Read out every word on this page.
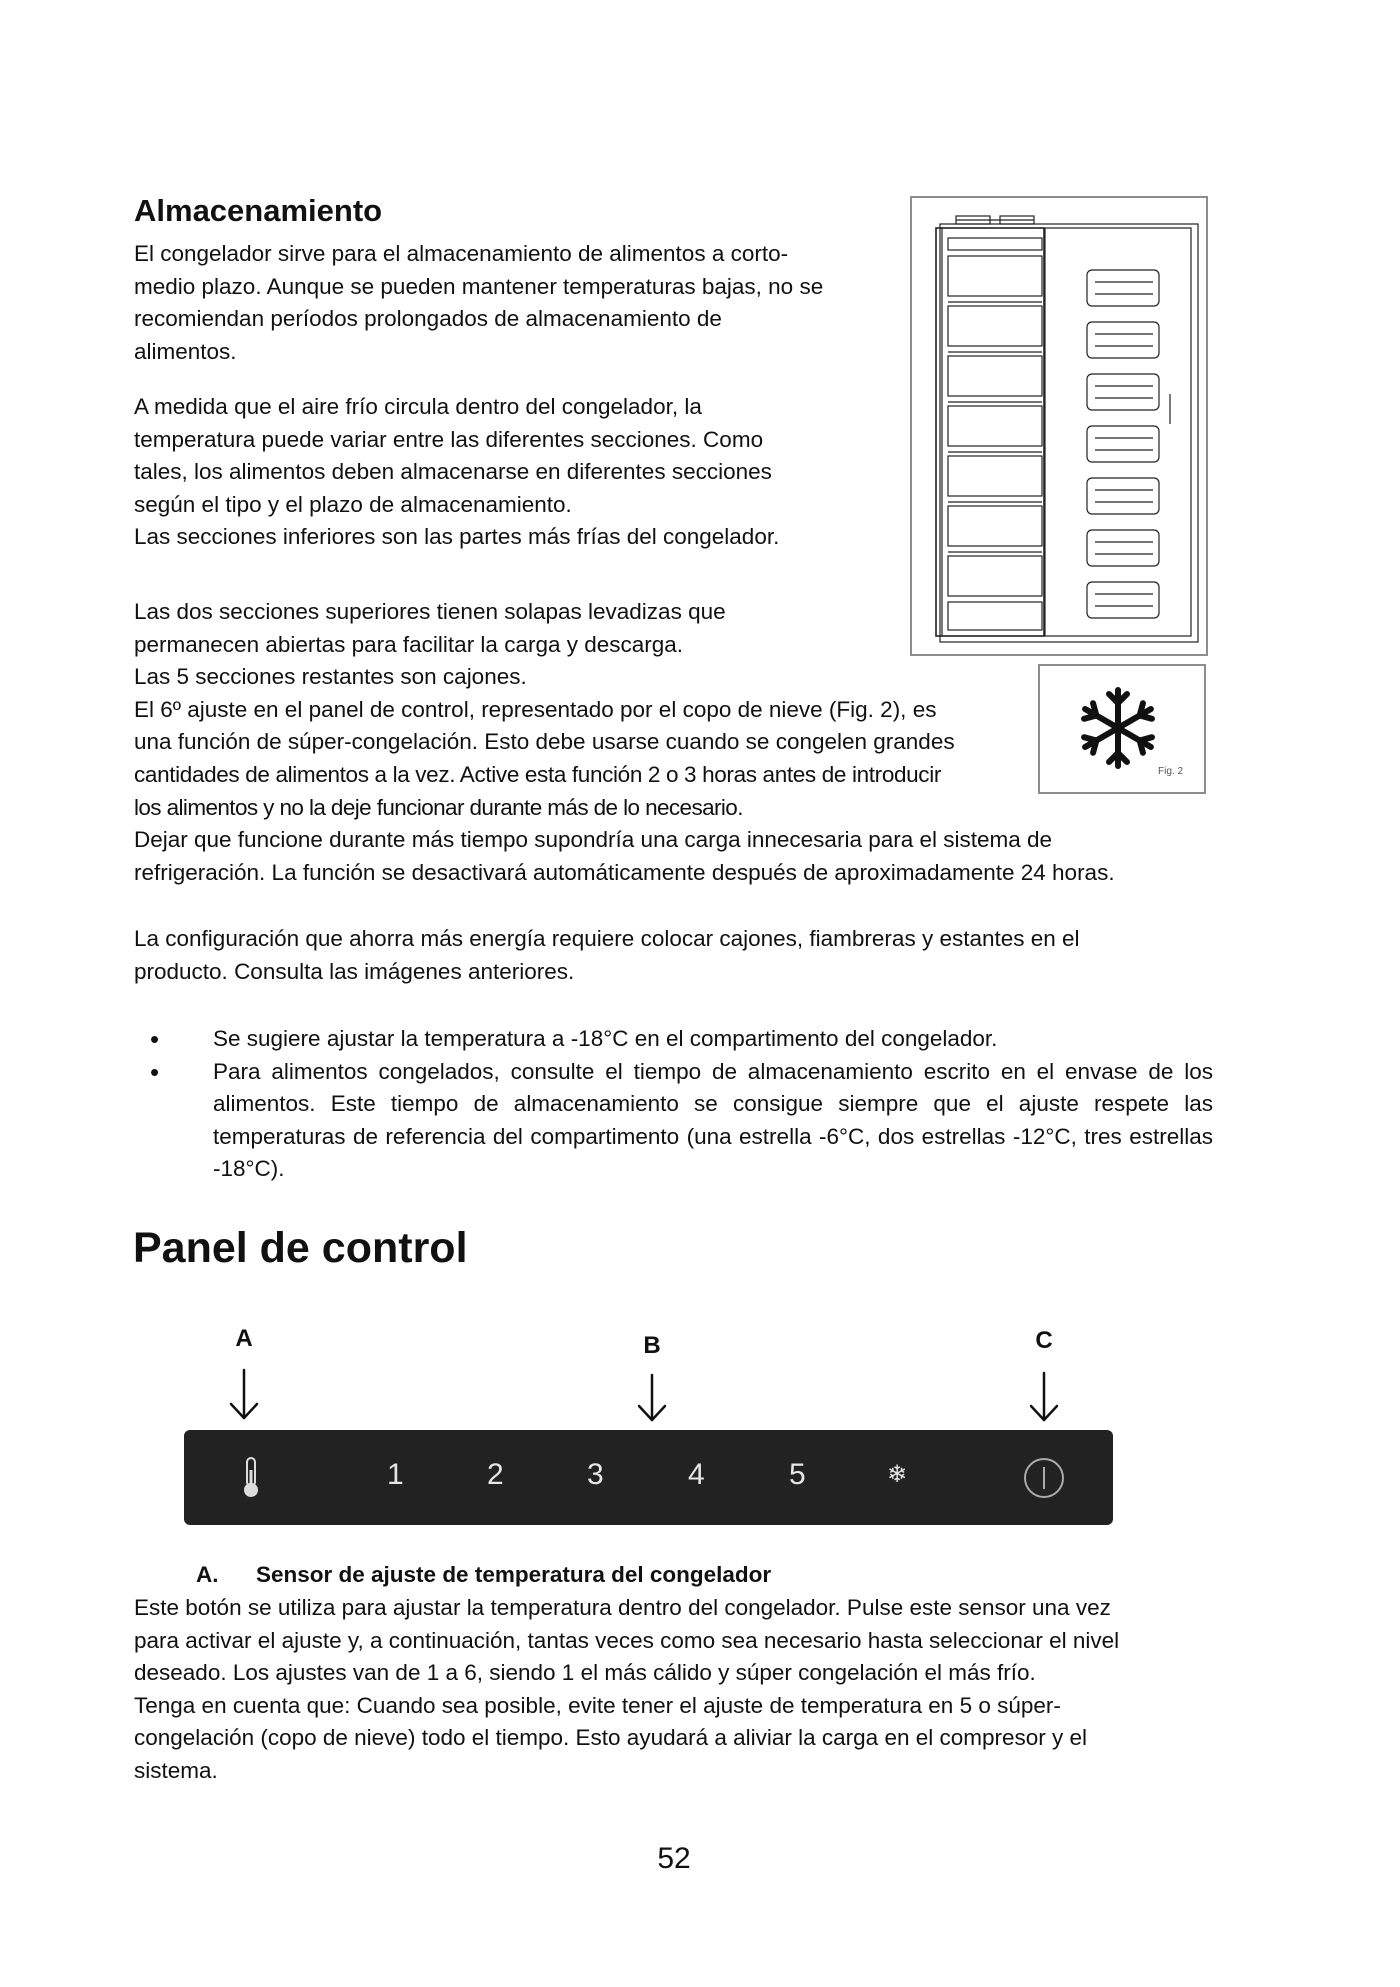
Almacenamiento
El congelador sirve para el almacenamiento de alimentos a corto-
medio plazo. Aunque se pueden mantener temperaturas bajas, no se
recomiendan períodos prolongados de almacenamiento de
alimentos.
A medida que el aire frío circula dentro del congelador, la
temperatura puede variar entre las diferentes secciones. Como
tales, los alimentos deben almacenarse en diferentes secciones
según el tipo y el plazo de almacenamiento.
Las secciones inferiores son las partes más frías del congelador.
Las dos secciones superiores tienen solapas levadizas que
permanecen abiertas para facilitar la carga y descarga.
Las 5 secciones restantes son cajones.
El 6º ajuste en el panel de control, representado por el copo de nieve (Fig. 2), es
una función de súper-congelación. Esto debe usarse cuando se congelen grandes
cantidades de alimentos a la vez. Active esta función 2 o 3 horas antes de introducir
los alimentos y no la deje funcionar durante más de lo necesario.
Dejar que funcione durante más tiempo supondría una carga innecesaria para el sistema de
refrigeración. La función se desactivará automáticamente después de aproximadamente 24 horas.
La configuración que ahorra más energía requiere colocar cajones, fiambreras y estantes en el
producto. Consulta las imágenes anteriores.
• Se sugiere ajustar la temperatura a -18°C en el compartimento del congelador.
• Para alimentos congelados, consulte el tiempo de almacenamiento escrito en el envase de los alimentos. Este tiempo de almacenamiento se consigue siempre que el ajuste respete las temperaturas de referencia del compartimento (una estrella -6°C, dos estrellas -12°C, tres estrellas -18°C).
Fig. 2
Panel de control
A	B	C
1	2	3	4	5	❄
A. Sensor de ajuste de temperatura del congelador
Este botón se utiliza para ajustar la temperatura dentro del congelador. Pulse este sensor una vez
para activar el ajuste y, a continuación, tantas veces como sea necesario hasta seleccionar el nivel
deseado. Los ajustes van de 1 a 6, siendo 1 el más cálido y súper congelación el más frío.
Tenga en cuenta que: Cuando sea posible, evite tener el ajuste de temperatura en 5 o súper-
congelación (copo de nieve) todo el tiempo. Esto ayudará a aliviar la carga en el compresor y el
sistema.
52
